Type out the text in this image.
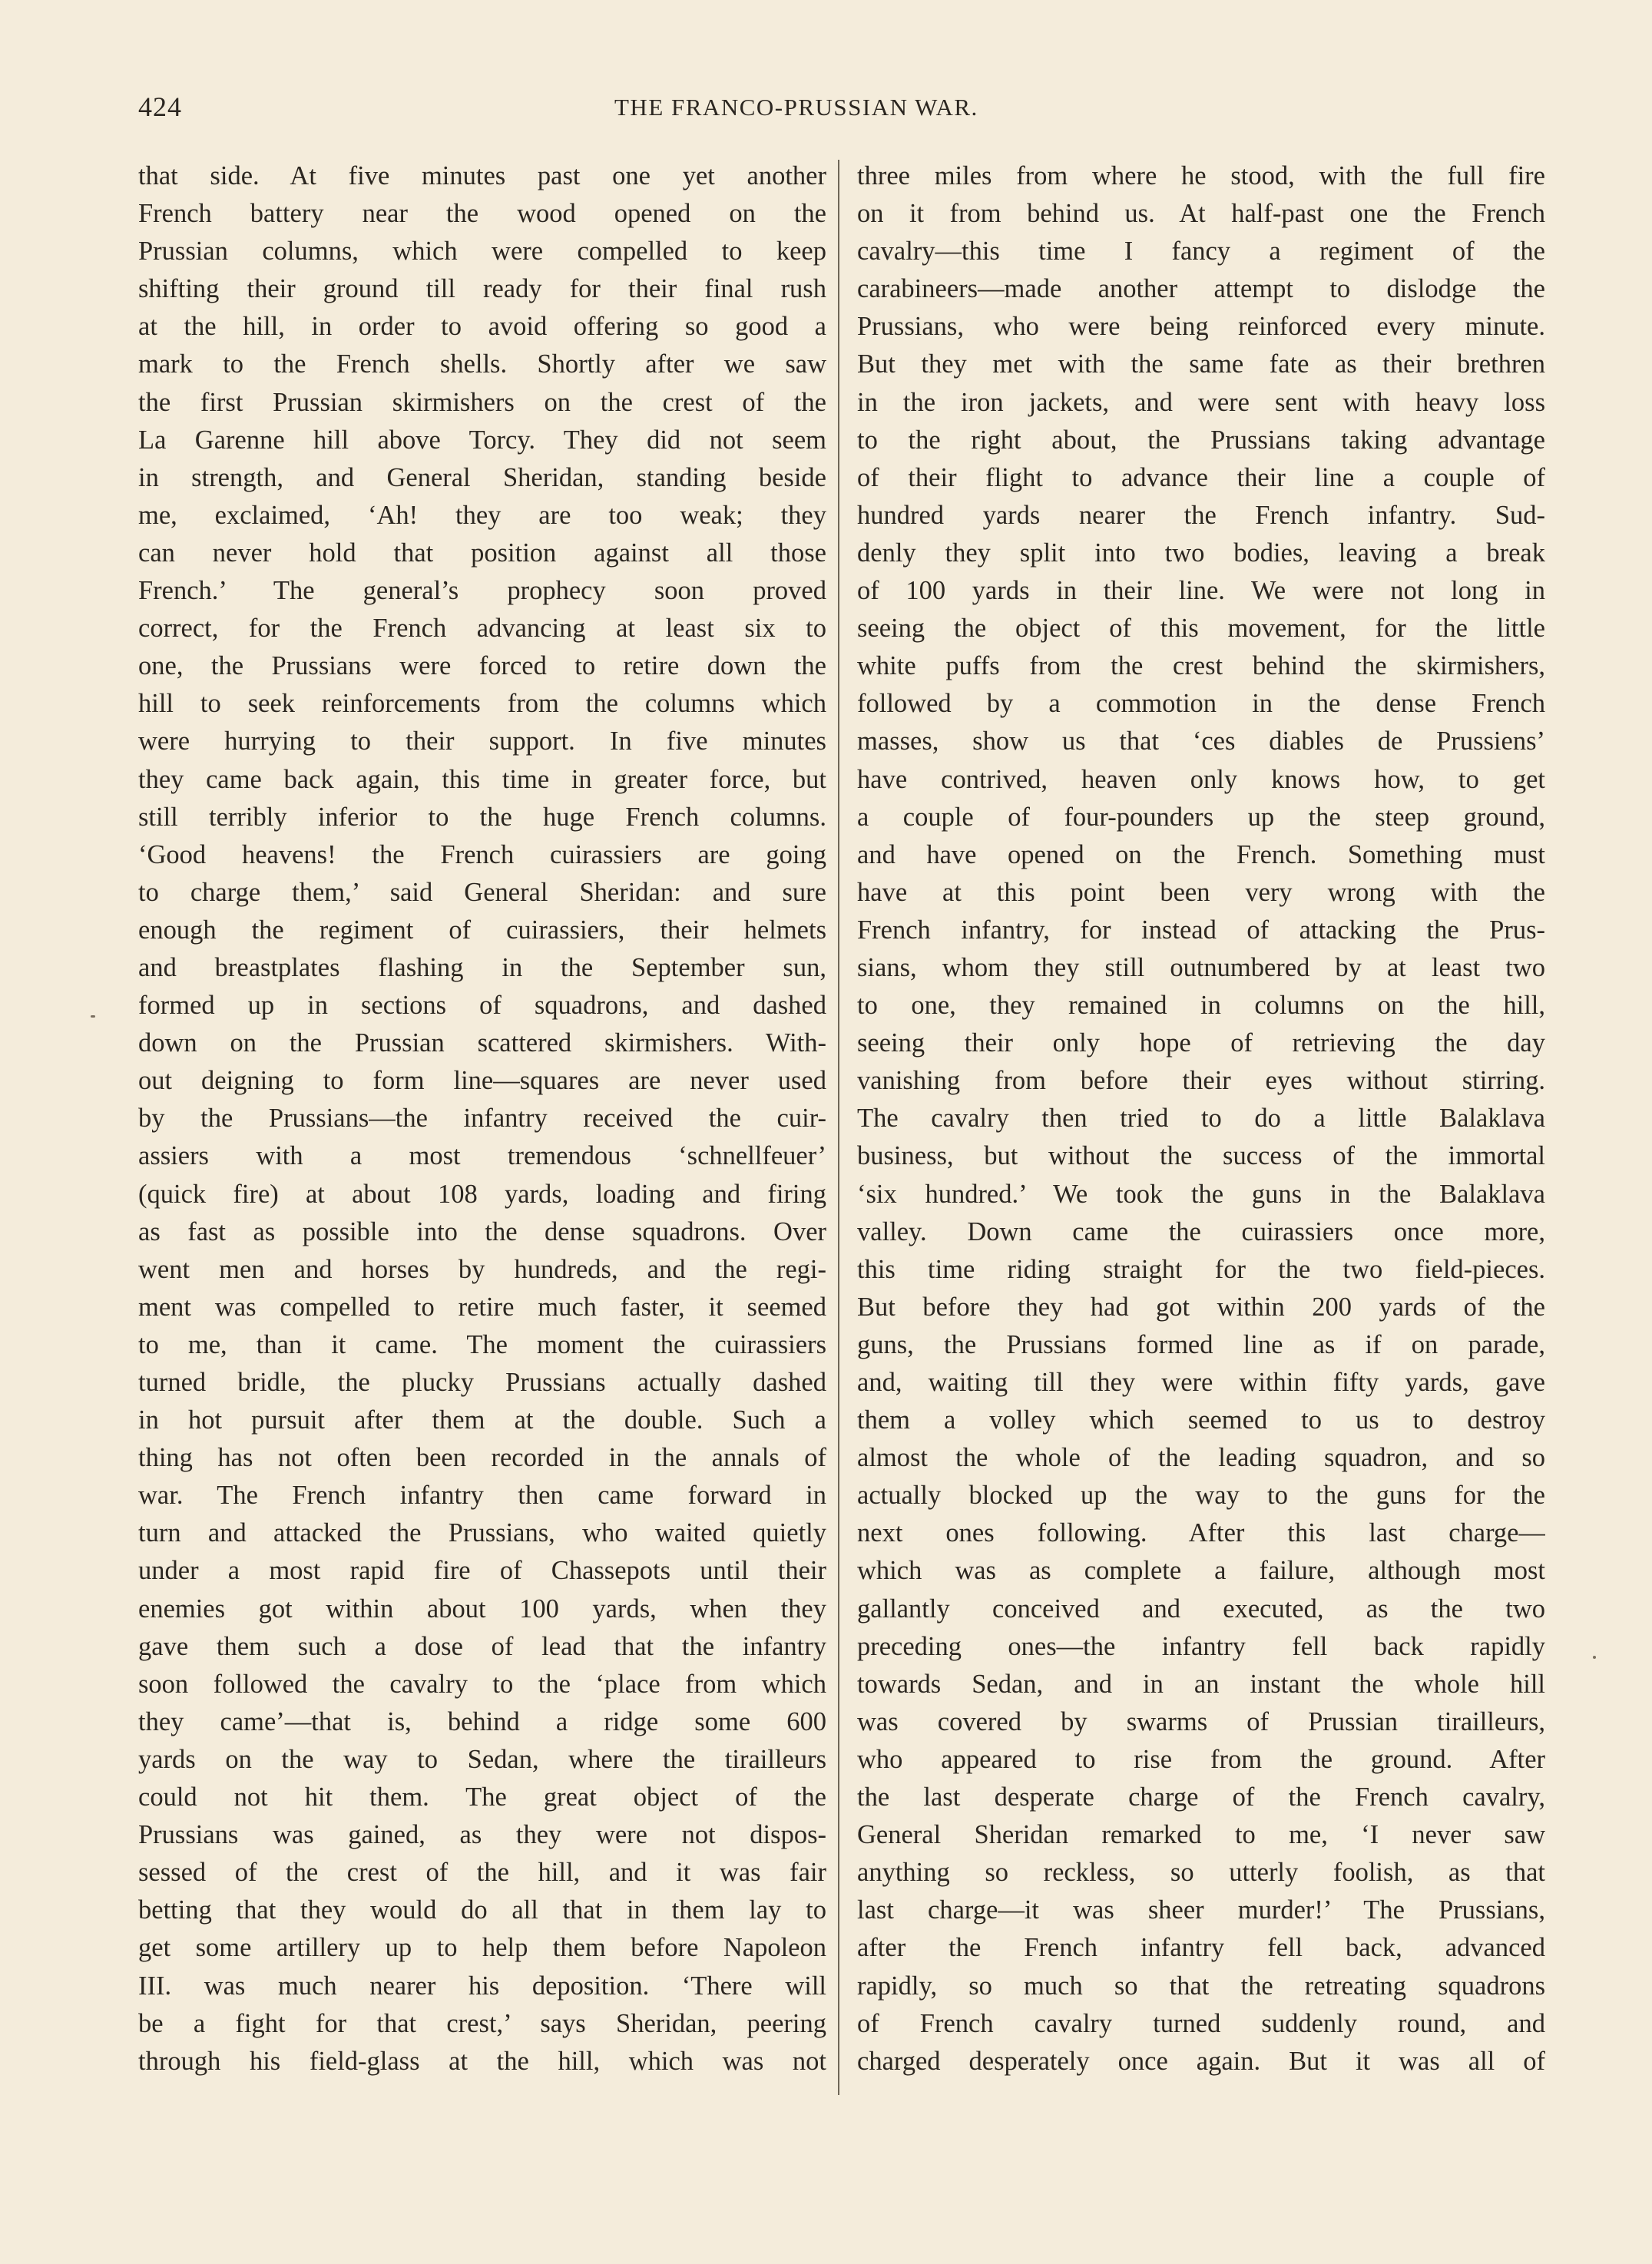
424	THE FRANCO-PRUSSIAN WAR.
that side. At five minutes past one yet another
French battery near the wood opened on the
Prussian columns, which were compelled to keep
shifting their ground till ready for their final rush
at the hill, in order to avoid offering so good a
mark to the French shells. Shortly after we saw
the first Prussian skirmishers on the crest of the
La Garenne hill above Torcy. They did not seem
in strength, and General Sheridan, standing beside
me, exclaimed, ‘Ah! they are too weak; they
can never hold that position against all those
French.’ The general’s prophecy soon proved
correct, for the French advancing at least six to
one, the Prussians were forced to retire down the
hill to seek reinforcements from the columns which
were hurrying to their support. In five minutes
they came back again, this time in greater force, but
still terribly inferior to the huge French columns.
‘Good heavens! the French cuirassiers are going
to charge them,’ said General Sheridan: and sure
enough the regiment of cuirassiers, their helmets
and breastplates flashing in the September sun,
formed up in sections of squadrons, and dashed
down on the Prussian scattered skirmishers. With-
out deigning to form line—squares are never used
by the Prussians—the infantry received the cuir-
assiers with a most tremendous ‘schnellfeuer’
(quick fire) at about 108 yards, loading and firing
as fast as possible into the dense squadrons. Over
went men and horses by hundreds, and the regi-
ment was compelled to retire much faster, it seemed
to me, than it came. The moment the cuirassiers
turned bridle, the plucky Prussians actually dashed
in hot pursuit after them at the double. Such a
thing has not often been recorded in the annals of
war. The French infantry then came forward in
turn and attacked the Prussians, who waited quietly
under a most rapid fire of Chassepots until their
enemies got within about 100 yards, when they
gave them such a dose of lead that the infantry
soon followed the cavalry to the ‘place from which
they came’—that is, behind a ridge some 600
yards on the way to Sedan, where the tirailleurs
could not hit them. The great object of the
Prussians was gained, as they were not dispos-
sessed of the crest of the hill, and it was fair
betting that they would do all that in them lay to
get some artillery up to help them before Napoleon
III. was much nearer his deposition. ‘There will
be a fight for that crest,’ says Sheridan, peering
through his field-glass at the hill, which was not
three miles from where he stood, with the full fire
on it from behind us. At half-past one the French
cavalry—this time I fancy a regiment of the
carabineers—made another attempt to dislodge the
Prussians, who were being reinforced every minute.
But they met with the same fate as their brethren
in the iron jackets, and were sent with heavy loss
to the right about, the Prussians taking advantage
of their flight to advance their line a couple of
hundred yards nearer the French infantry. Sud-
denly they split into two bodies, leaving a break
of 100 yards in their line. We were not long in
seeing the object of this movement, for the little
white puffs from the crest behind the skirmishers,
followed by a commotion in the dense French
masses, show us that ‘ces diables de Prussiens’
have contrived, heaven only knows how, to get
a couple of four-pounders up the steep ground,
and have opened on the French. Something must
have at this point been very wrong with the
French infantry, for instead of attacking the Prus-
sians, whom they still outnumbered by at least two
to one, they remained in columns on the hill,
seeing their only hope of retrieving the day
vanishing from before their eyes without stirring.
The cavalry then tried to do a little Balaklava
business, but without the success of the immortal
‘six hundred.’ We took the guns in the Balaklava
valley. Down came the cuirassiers once more,
this time riding straight for the two field-pieces.
But before they had got within 200 yards of the
guns, the Prussians formed line as if on parade,
and, waiting till they were within fifty yards, gave
them a volley which seemed to us to destroy
almost the whole of the leading squadron, and so
actually blocked up the way to the guns for the
next ones following. After this last charge—
which was as complete a failure, although most
gallantly conceived and executed, as the two
preceding ones—the infantry fell back rapidly
towards Sedan, and in an instant the whole hill
was covered by swarms of Prussian tirailleurs,
who appeared to rise from the ground. After
the last desperate charge of the French cavalry,
General Sheridan remarked to me, ‘I never saw
anything so reckless, so utterly foolish, as that
last charge—it was sheer murder!’ The Prussians,
after the French infantry fell back, advanced
rapidly, so much so that the retreating squadrons
of French cavalry turned suddenly round, and
charged desperately once again. But it was all of
